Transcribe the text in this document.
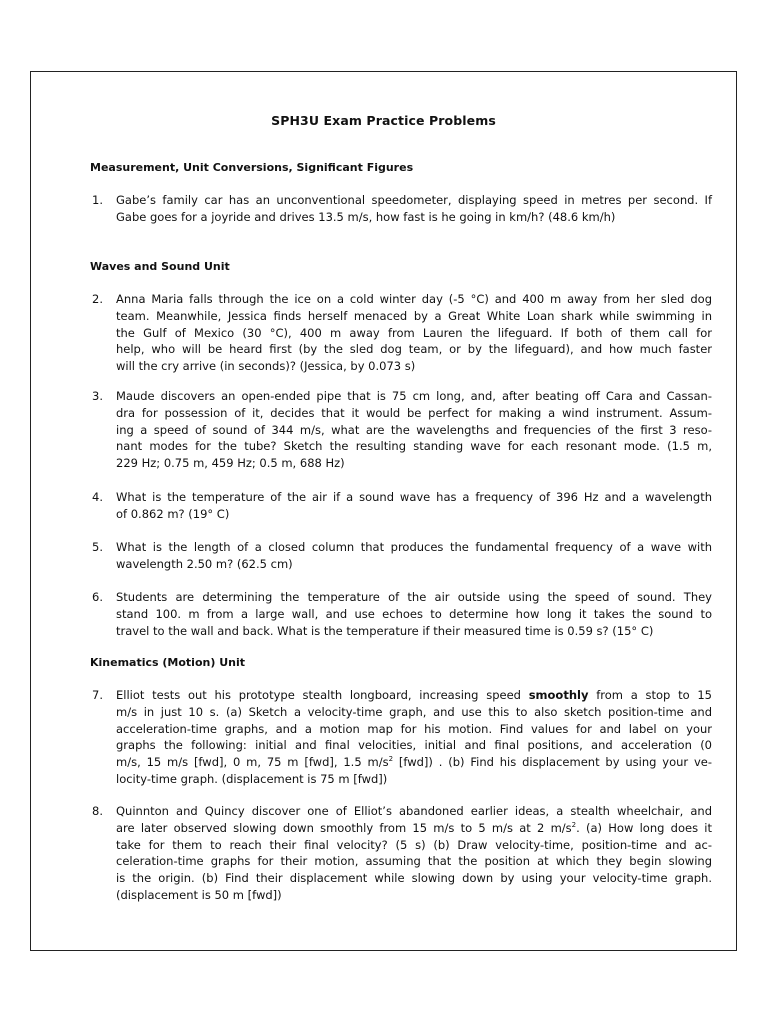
SPH3U Exam Practice Problems
Measurement, Unit Conversions, Significant Figures
1.	Gabe’s family car has an unconventional speedometer, displaying speed in metres per second. If
Gabe goes for a joyride and drives 13.5 m/s, how fast is he going in km/h? (48.6 km/h)
Waves and Sound Unit
2.	Anna Maria falls through the ice on a cold winter day (-5 °C) and 400 m away from her sled dog
team. Meanwhile, Jessica finds herself menaced by a Great White Loan shark while swimming in
the Gulf of Mexico (30 °C), 400 m away from Lauren the lifeguard. If both of them call for
help, who will be heard first (by the sled dog team, or by the lifeguard), and how much faster
will the cry arrive (in seconds)? (Jessica, by 0.073 s)
3.	Maude discovers an open-ended pipe that is 75 cm long, and, after beating off Cara and Cassan-
dra for possession of it, decides that it would be perfect for making a wind instrument. Assum-
ing a speed of sound of 344 m/s, what are the wavelengths and frequencies of the first 3 reso-
nant modes for the tube? Sketch the resulting standing wave for each resonant mode. (1.5 m,
229 Hz; 0.75 m, 459 Hz; 0.5 m, 688 Hz)
4.	What is the temperature of the air if a sound wave has a frequency of 396 Hz and a wavelength
of 0.862 m? (19° C)
5.	What is the length of a closed column that produces the fundamental frequency of a wave with
wavelength 2.50 m? (62.5 cm)
6.	Students are determining the temperature of the air outside using the speed of sound. They
stand 100. m from a large wall, and use echoes to determine how long it takes the sound to
travel to the wall and back. What is the temperature if their measured time is 0.59 s? (15° C)
Kinematics (Motion) Unit
7.	Elliot tests out his prototype stealth longboard, increasing speed smoothly from a stop to 15
m/s in just 10 s. (a) Sketch a velocity-time graph, and use this to also sketch position-time and
acceleration-time graphs, and a motion map for his motion. Find values for and label on your
graphs the following: initial and final velocities, initial and final positions, and acceleration (0
m/s, 15 m/s [fwd], 0 m, 75 m [fwd], 1.5 $m/s^2$ [fwd]) . (b) Find his displacement by using your ve-
locity-time graph. (displacement is 75 m [fwd])
8.	Quinnton and Quincy discover one of Elliot’s abandoned earlier ideas, a stealth wheelchair, and
are later observed slowing down smoothly from 15 m/s to 5 m/s at 2 $m/s^2$. (a) How long does it
take for them to reach their final velocity? (5 s) (b) Draw velocity-time, position-time and ac-
celeration-time graphs for their motion, assuming that the position at which they begin slowing
is the origin. (b) Find their displacement while slowing down by using your velocity-time graph.
(displacement is 50 m [fwd])
